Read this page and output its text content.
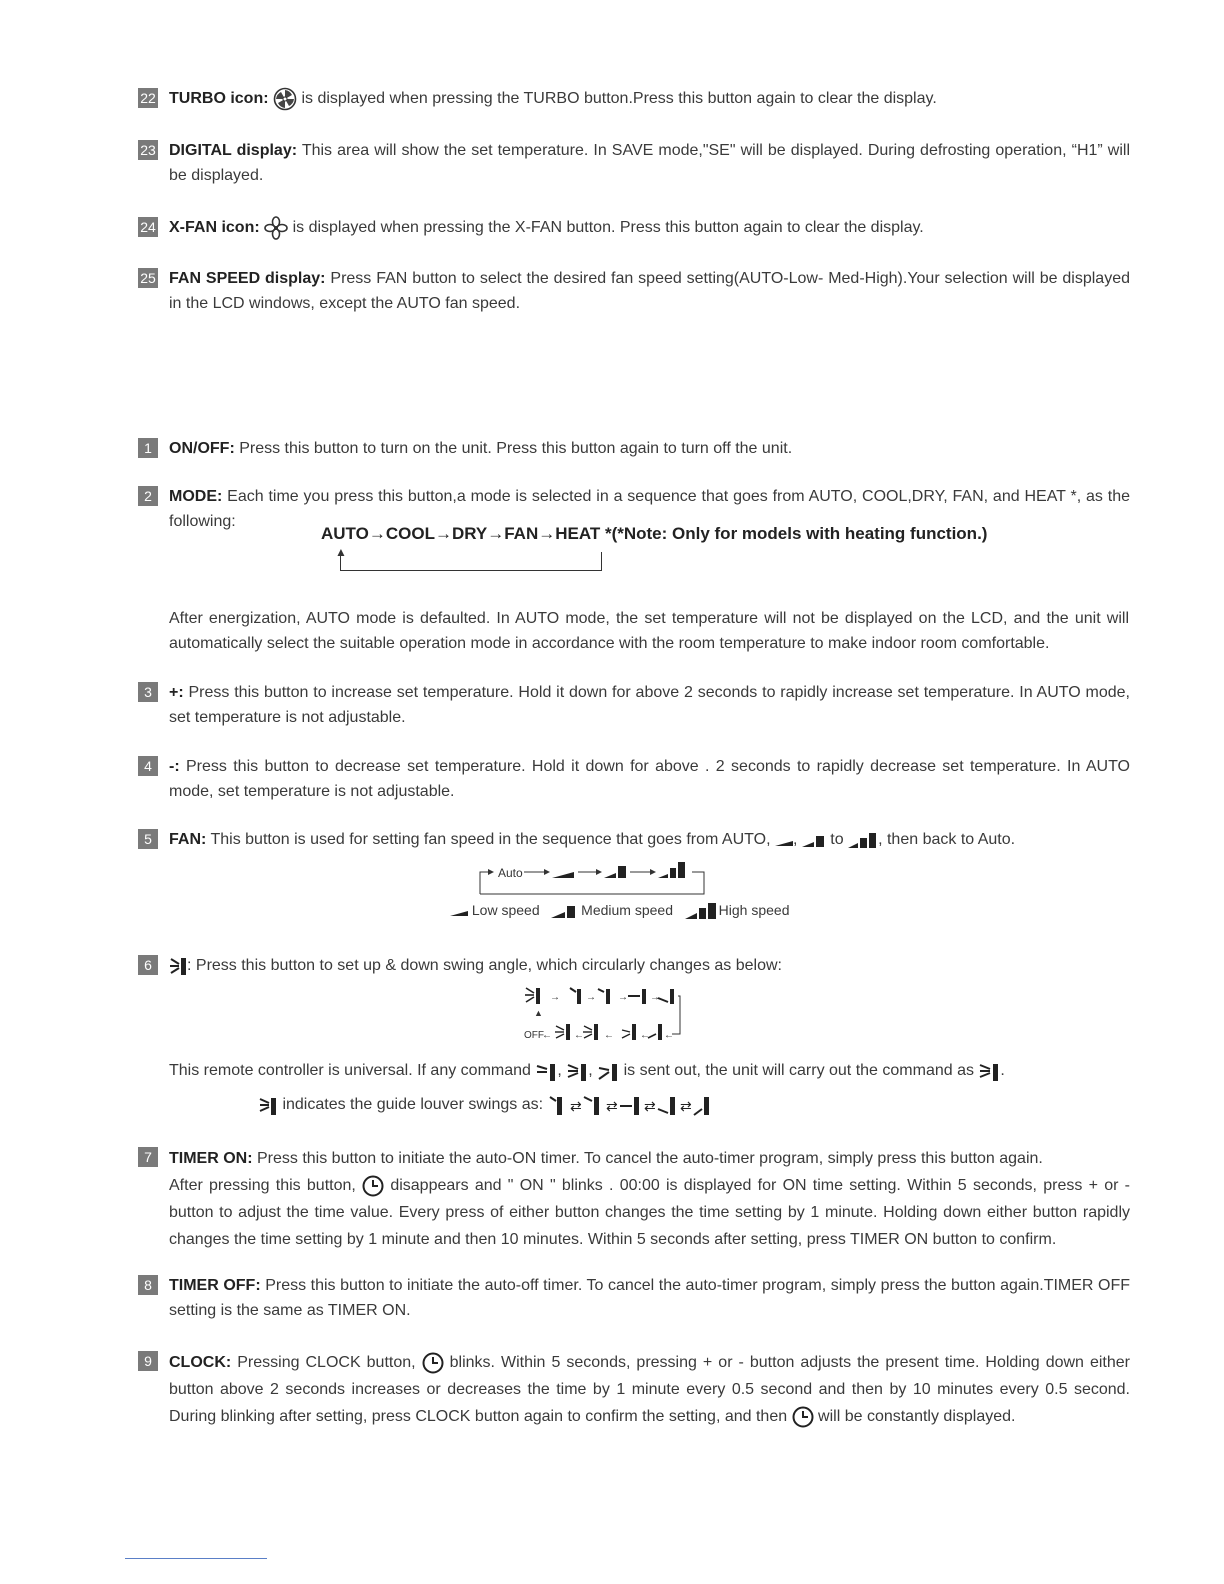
22 TURBO icon:  is displayed when pressing the TURBO button.Press this button again to clear the display.
23 DIGITAL display: This area will show the set temperature. In SAVE mode,"SE" will be displayed. During defrosting operation, “H1” will be displayed.
24 X-FAN icon:  is displayed when pressing the X-FAN button. Press this button again to clear the display.
25 FAN SPEED display: Press FAN button to select the desired fan speed setting(AUTO-Low- Med-High).Your selection will be displayed in the LCD windows, except the AUTO fan speed.
1	ON/OFF: Press this button to turn on the unit. Press this button again to turn off the unit.
2	MODE: Each time you press this button,a mode is selected in a sequence that goes from AUTO, COOL,DRY, FAN, and HEAT *, as the following:
AUTO→COOL→DRY→FAN→HEAT *(*Note: Only for models with heating function.)
▲
After energization, AUTO mode is defaulted. In AUTO mode, the set temperature will not be displayed on the LCD, and the unit will automatically select the suitable operation mode in accordance with the room temperature to make indoor room comfortable.
3	+: Press this button to increase set temperature. Hold it down for above 2 seconds to rapidly increase set temperature. In AUTO mode, set temperature is not adjustable.
4	-: Press this button to decrease set temperature. Hold it down for above . 2 seconds to rapidly decrease set temperature. In AUTO mode, set temperature is not adjustable.
5	FAN: This button is used for setting fan speed in the sequence that goes from AUTO, ,  to , then back to Auto.
Auto
Low speed	Medium speed	High speed
6	: Press this button to set up & down swing angle, which circularly changes as below:
→	→ → →
▲
OFF
← ← ←	← ←
This remote controller is universal. If any command , ,  is sent out, the unit will carry out the command as .
indicates the guide louver swings as: ⇄ ⇄ ⇄ ⇄
7	TIMER ON: Press this button to initiate the auto-ON timer. To cancel the auto-timer program, simply press this button again.
After pressing this button,  disappears and " ON " blinks . 00:00 is displayed for ON time setting. Within 5 seconds, press + or - button to adjust the time value. Every press of either button changes the time setting by 1 minute. Holding down either button rapidly changes the time setting by 1 minute and then 10 minutes. Within 5 seconds after setting, press TIMER ON button to confirm.
8	TIMER OFF: Press this button to initiate the auto-off timer. To cancel the auto-timer program, simply press the button again.TIMER OFF setting is the same as TIMER ON.
9	CLOCK: Pressing CLOCK button,  blinks. Within 5 seconds, pressing + or - button adjusts the present time. Holding down either button above 2 seconds increases or decreases the time by 1 minute every 0.5 second and then by 10 minutes every 0.5 second. During blinking after setting, press CLOCK button again to confirm the setting, and then  will be constantly displayed.
